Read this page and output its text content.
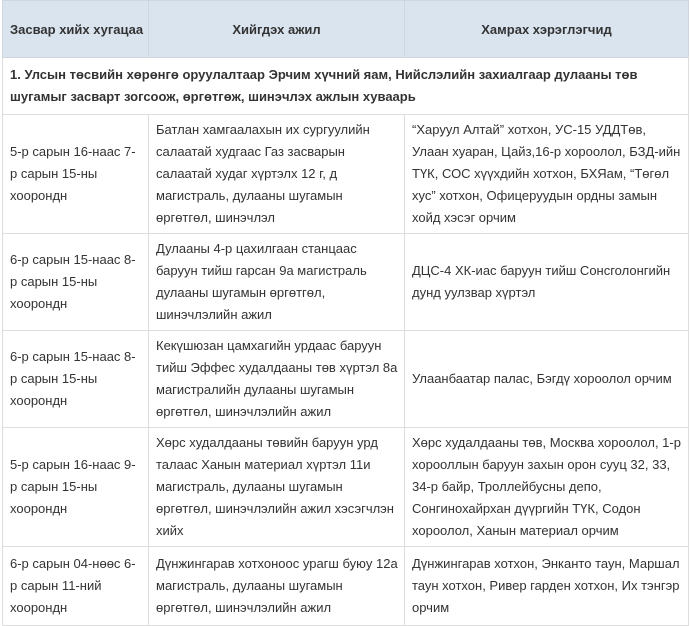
Засвар хийх хугацаа	Хийгдэх ажил	Хамрах хэрэглэгчид
1. Улсын төсвийн хөрөнгө оруулалтаар Эрчим хүчний яам, Нийслэлийн захиалгаар дулааны төв шугамыг засварт зогсоож, өргөтгөж, шинэчлэх ажлын хуваарь		
5-р сарын 16-наас 7-р сарын 15-ны хоорондн	Батлан хамгаалахын их сургуулийн салаатай худгаас Газ засварын салаатай худаг хүртэлх 12 г, д магистраль, дулааны шугамын өргөтгөл, шинэчлэл	“Харуул Алтай” хотхон, УС-15 УДДТөв, Улаан хуаран, Цайз,16-р хороолол, БЗД-ийн ТҮК, СОС хүүхдийн хотхон, БХЯам, “Төгөл хус” хотхон, Офицеруудын ордны замын хойд хэсэг орчим
6-р сарын 15-наас 8-р сарын 15-ны хоорондн	Дулааны 4-р цахилгаан станцаас баруун тийш гарсан 9а магистраль дулааны шугамын өргөтгөл, шинэчлэлийн ажил	ДЦС-4 ХК-иас баруун тийш Сонсголонгийн дунд уулзвар хүртэл
6-р сарын 15-наас 8-р сарын 15-ны хоорондн	Кекүшюзан цамхагийн урдаас баруун тийш Эффес худалдааны төв хүртэл 8а магистралийн дулааны шугамын өргөтгөл, шинэчлэлийн ажил	Улаанбаатар палас, Бэгдү хороолол орчим
5-р сарын 16-наас 9-р сарын 15-ны хоорондн	Хөрс худалдааны төвийн баруун урд талаас Ханын материал хүртэл 11и магистраль, дулааны шугамын өргөтгөл, шинэчлэлийн ажил хэсэгчлэн хийх	Хөрс худалдааны төв, Москва хороолол, 1-р хорооллын баруун захын орон сууц 32, 33, 34-р байр, Троллейбусны депо, Сонгинохайрхан дүүргийн ТҮК, Содон хороолол, Ханын материал орчим
6-р сарын 04-нөөс 6-р сарын 11-ний хоорондн	Дүнжингарав хотхоноос урагш буюу 12а магистраль, дулааны шугамын өргөтгөл, шинэчлэлийн ажил	Дүнжингарав хотхон, Энканто таун, Маршал таун хотхон, Ривер гарден хотхон, Их тэнгэр орчим
